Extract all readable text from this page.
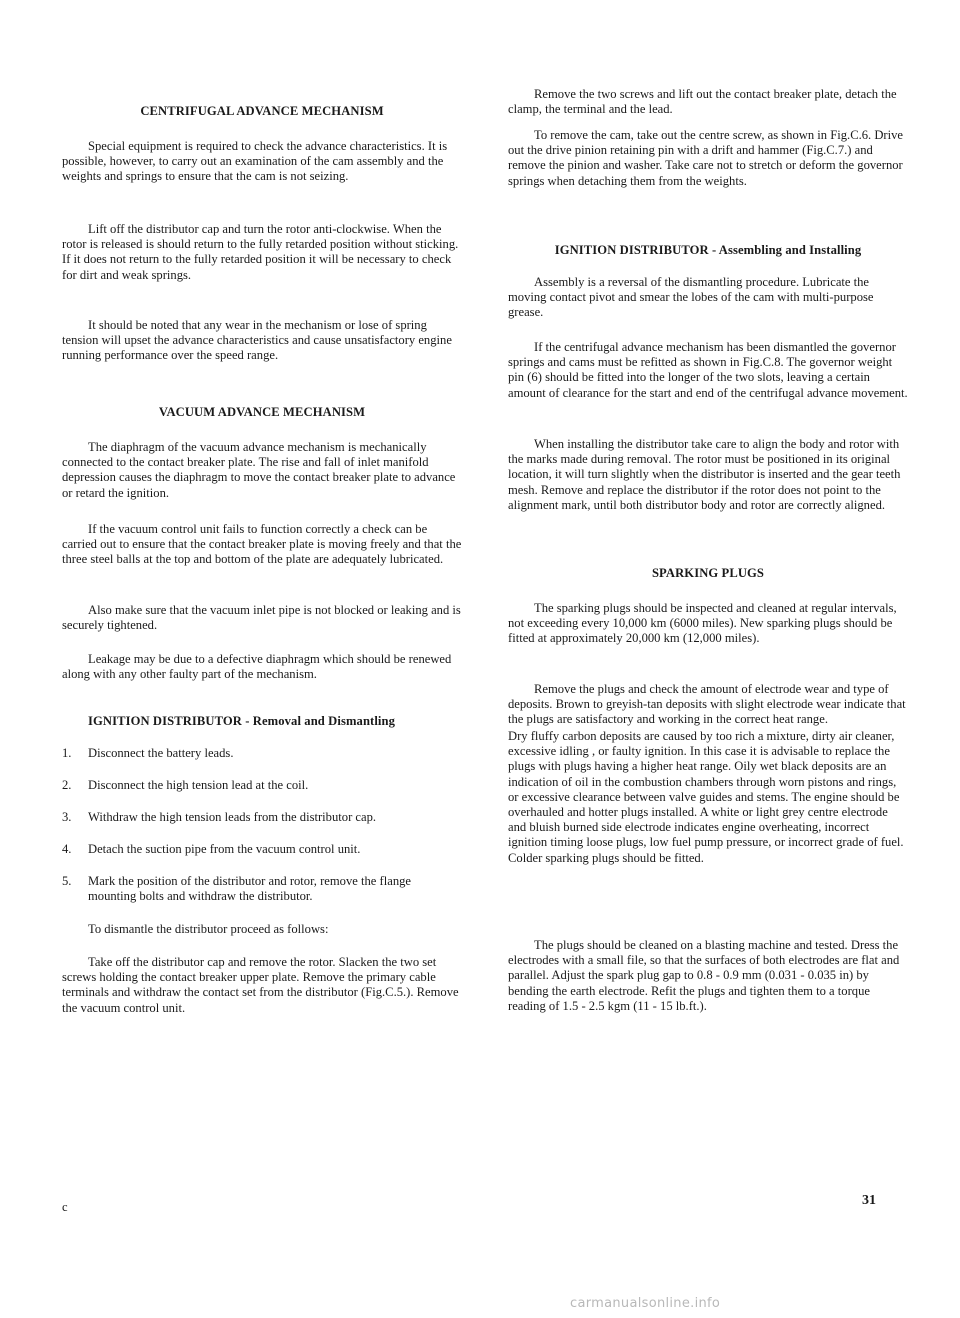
CENTRIFUGAL ADVANCE MECHANISM

Special equipment is required to check the advance characteristics. It is possible, however, to carry out an examination of the cam assembly and the weights and springs to ensure that the cam is not seizing.

Lift off the distributor cap and turn the rotor anti-clockwise. When the rotor is released is should return to the fully retarded position without sticking. If it does not return to the fully retarded position it will be necessary to check for dirt and weak springs.

It should be noted that any wear in the mechanism or lose of spring tension will upset the advance characteristics and cause unsatisfactory engine running performance over the speed range.

VACUUM ADVANCE MECHANISM

The diaphragm of the vacuum advance mechanism is mechanically connected to the contact breaker plate. The rise and fall of inlet manifold depression causes the diaphragm to move the contact breaker plate to advance or retard the ignition.

If the vacuum control unit fails to function correctly a check can be carried out to ensure that the contact breaker plate is moving freely and that the three steel balls at the top and bottom of the plate are adequately lubricated.

Also make sure that the vacuum inlet pipe is not blocked or leaking and is securely tightened.

Leakage may be due to a defective diaphragm which should be renewed along with any other faulty part of the mechanism.

IGNITION DISTRIBUTOR - Removal and Dismantling
1.	Disconnect the battery leads.

2.	Disconnect the high tension lead at the coil.

3.	Withdraw the high tension leads from the distributor cap.

4.	Detach the suction pipe from the vacuum control unit.

5.	Mark the position of the distributor and rotor, remove the flange mounting bolts and withdraw the distributor.

To dismantle the distributor proceed as follows:

Take off the distributor cap and remove the rotor. Slacken the two set screws holding the contact breaker upper plate. Remove the primary cable terminals and withdraw the contact set from the distributor (Fig.C.5.). Remove the vacuum control unit.

Remove the two screws and lift out the contact breaker plate, detach the clamp, the terminal and the lead.

To remove the cam, take out the centre screw, as shown in Fig.C.6. Drive out the drive pinion retaining pin with a drift and hammer (Fig.C.7.) and remove the pinion and washer. Take care not to stretch or deform the governor springs when detaching them from the weights.

IGNITION DISTRIBUTOR - Assembling and Installing

Assembly is a reversal of the dismantling procedure. Lubricate the moving contact pivot and smear the lobes of the cam with multi-purpose grease.

If the centrifugal advance mechanism has been dismantled the governor springs and cams must be refitted as shown in Fig.C.8. The governor weight pin (6) should be fitted into the longer of the two slots, leaving a certain amount of clearance for the start and end of the centrifugal advance movement.

When installing the distributor take care to align the body and rotor with the marks made during removal. The rotor must be positioned in its original location, it will turn slightly when the distributor is inserted and the gear teeth mesh. Remove and replace the distributor if the rotor does not point to the alignment mark, until both distributor body and rotor are correctly aligned.

SPARKING PLUGS

The sparking plugs should be inspected and cleaned at regular intervals, not exceeding every 10,000 km (6000 miles). New sparking plugs should be fitted at approximately 20,000 km (12,000 miles).

Remove the plugs and check the amount of electrode wear and type of deposits. Brown to greyish-tan deposits with slight electrode wear indicate that the plugs are satisfactory and working in the correct heat range.

Dry fluffy carbon deposits are caused by too rich a mixture, dirty air cleaner, excessive idling , or faulty ignition. In this case it is advisable to replace the plugs with plugs having a higher heat range. Oily wet black deposits are an indication of oil in the combustion chambers through worn pistons and rings, or excessive clearance between valve guides and stems. The engine should be overhauled and hotter plugs installed. A white or light grey centre electrode and bluish burned side electrode indicates engine overheating, incorrect ignition timing loose plugs, low fuel pump pressure, or incorrect grade of fuel. Colder sparking plugs should be fitted.

The plugs should be cleaned on a blasting machine and tested. Dress the electrodes with a small file, so that the surfaces of both electrodes are flat and parallel. Adjust the spark plug gap to 0.8 - 0.9 mm (0.031 - 0.035 in) by bending the earth electrode. Refit the plugs and tighten them to a torque reading of 1.5 - 2.5 kgm (11 - 15 lb.ft.).

c	31
carmanualsonline.info
